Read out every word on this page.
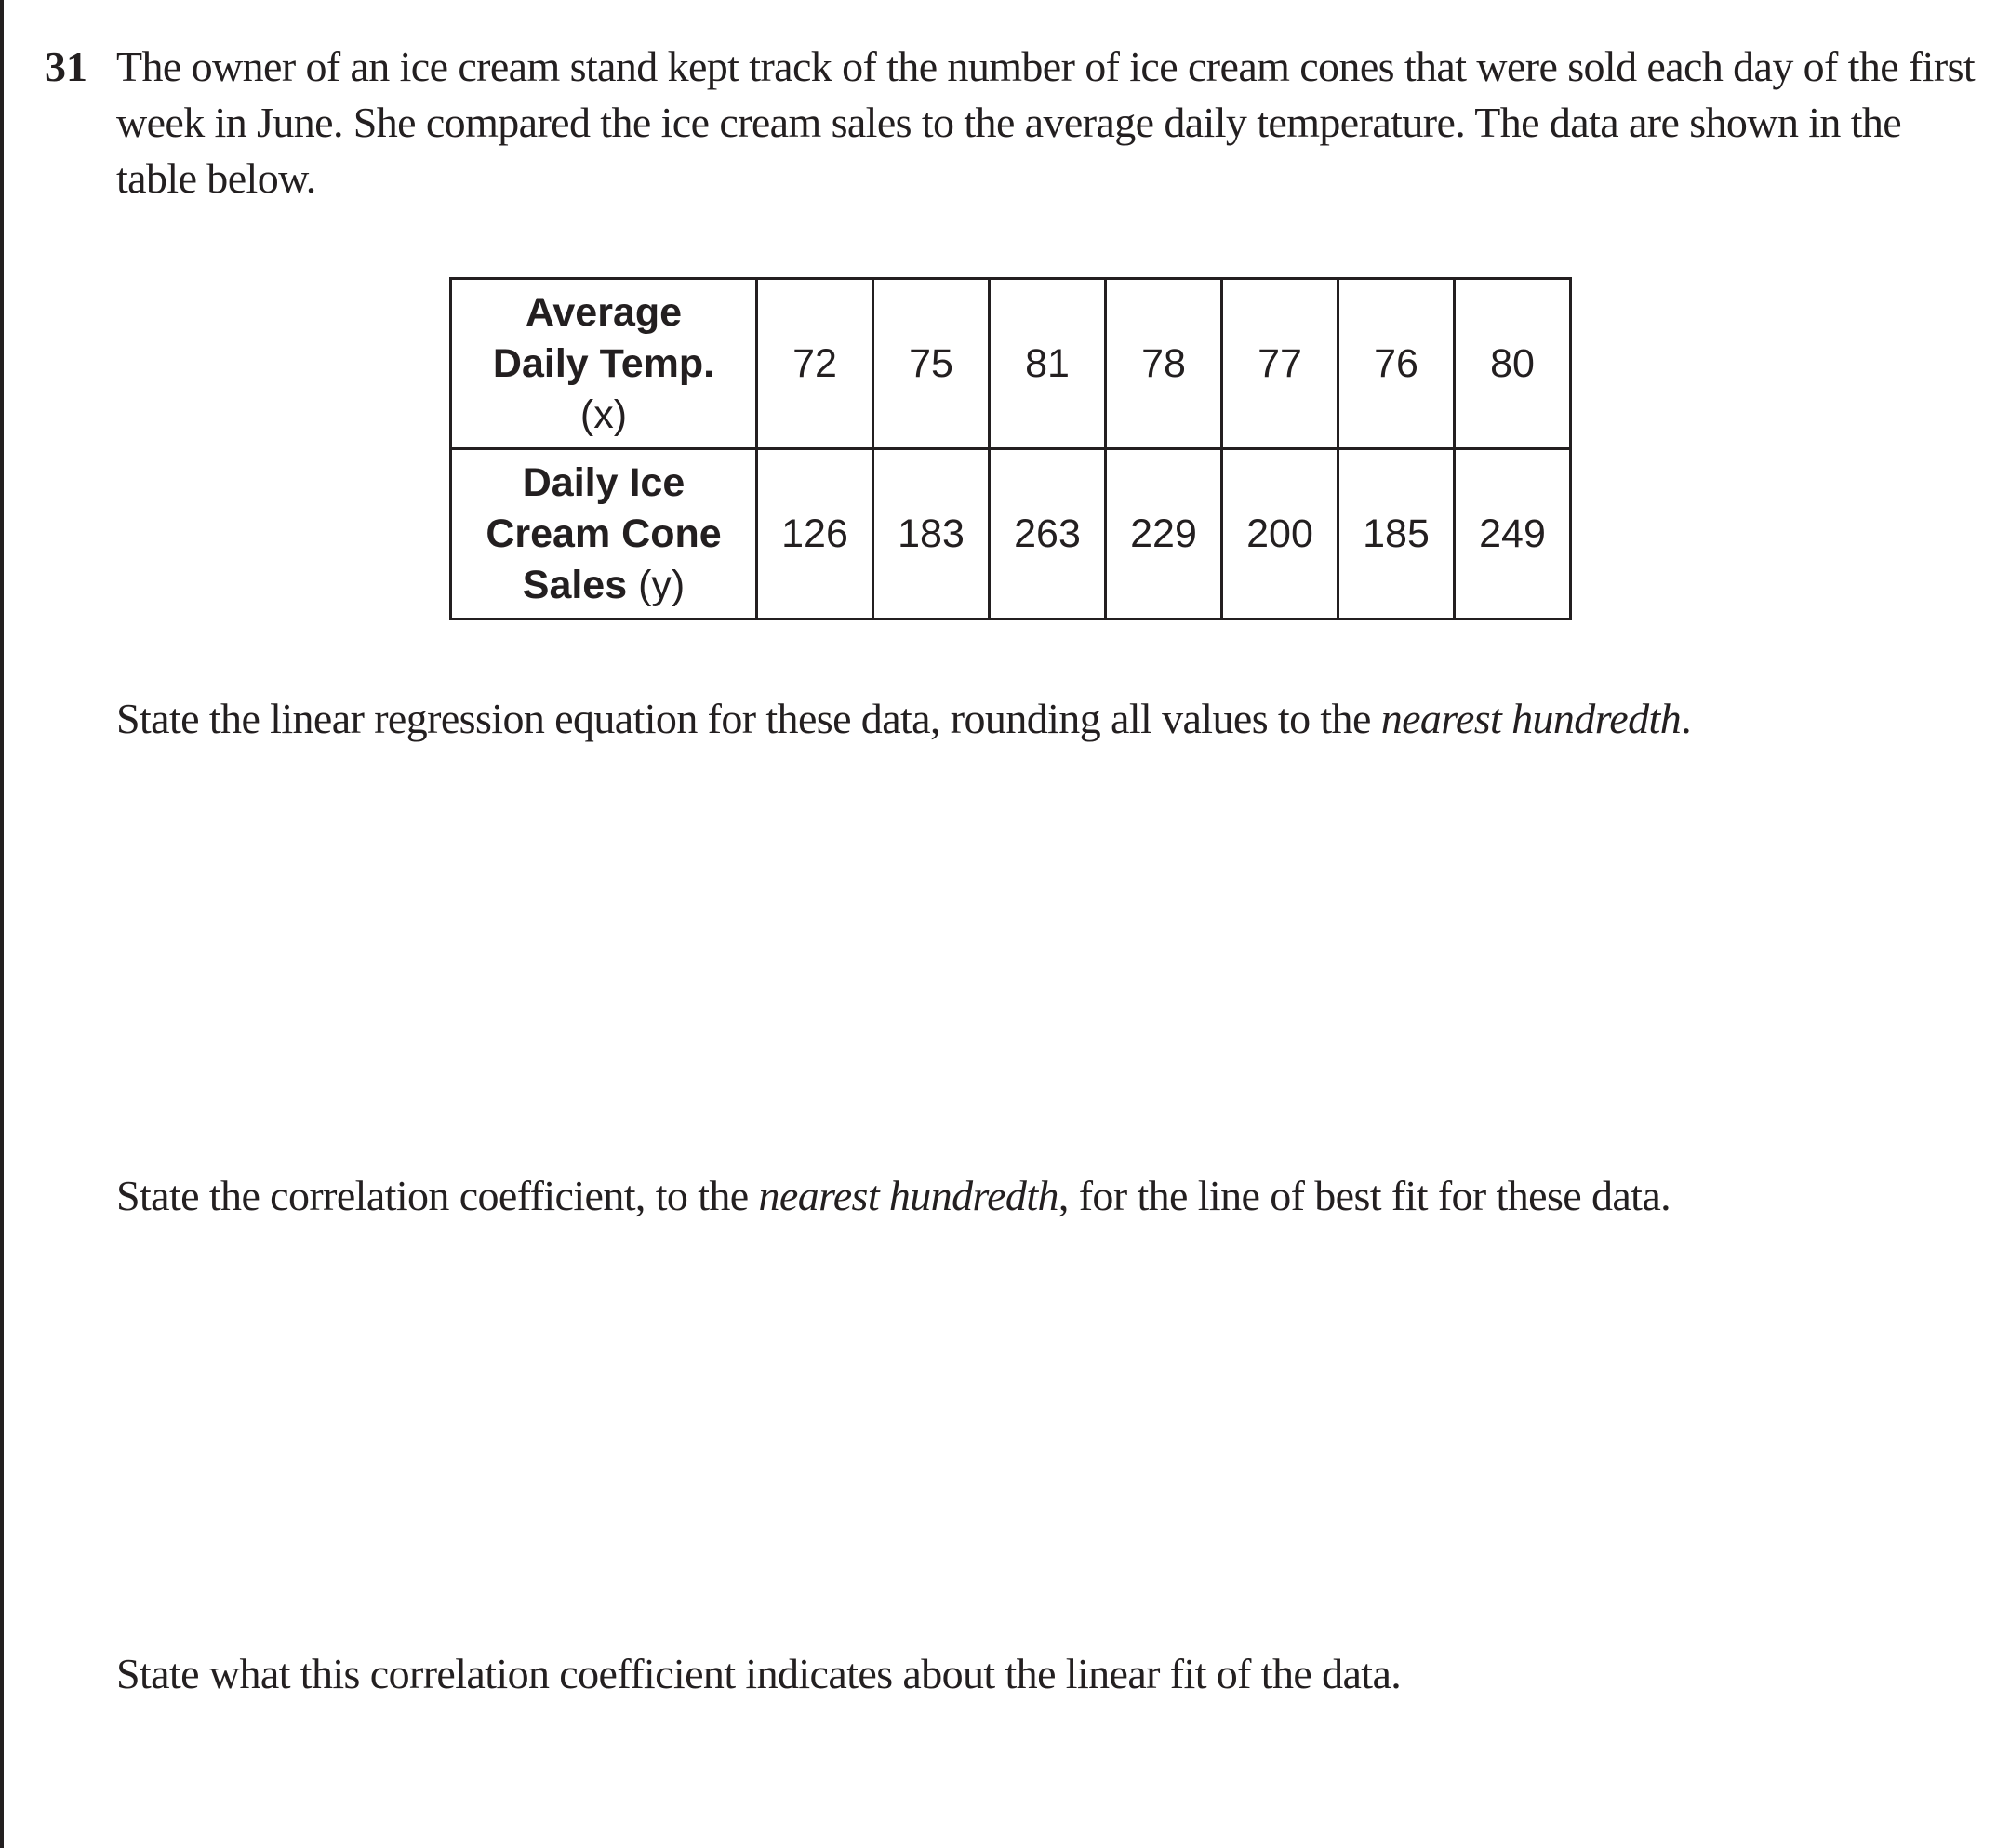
31 The owner of an ice cream stand kept track of the number of ice cream cones that were sold each day of the first week in June. She compared the ice cream sales to the average daily temperature. The data are shown in the table below.
Average
Daily Temp.
(x)	72	75	81	78	77	76	80
Daily Ice
Cream Cone
Sales (y)	126	183	263	229	200	185	249
State the linear regression equation for these data, rounding all values to the nearest hundredth.
State the correlation coefficient, to the nearest hundredth, for the line of best fit for these data.
State what this correlation coefficient indicates about the linear fit of the data.
